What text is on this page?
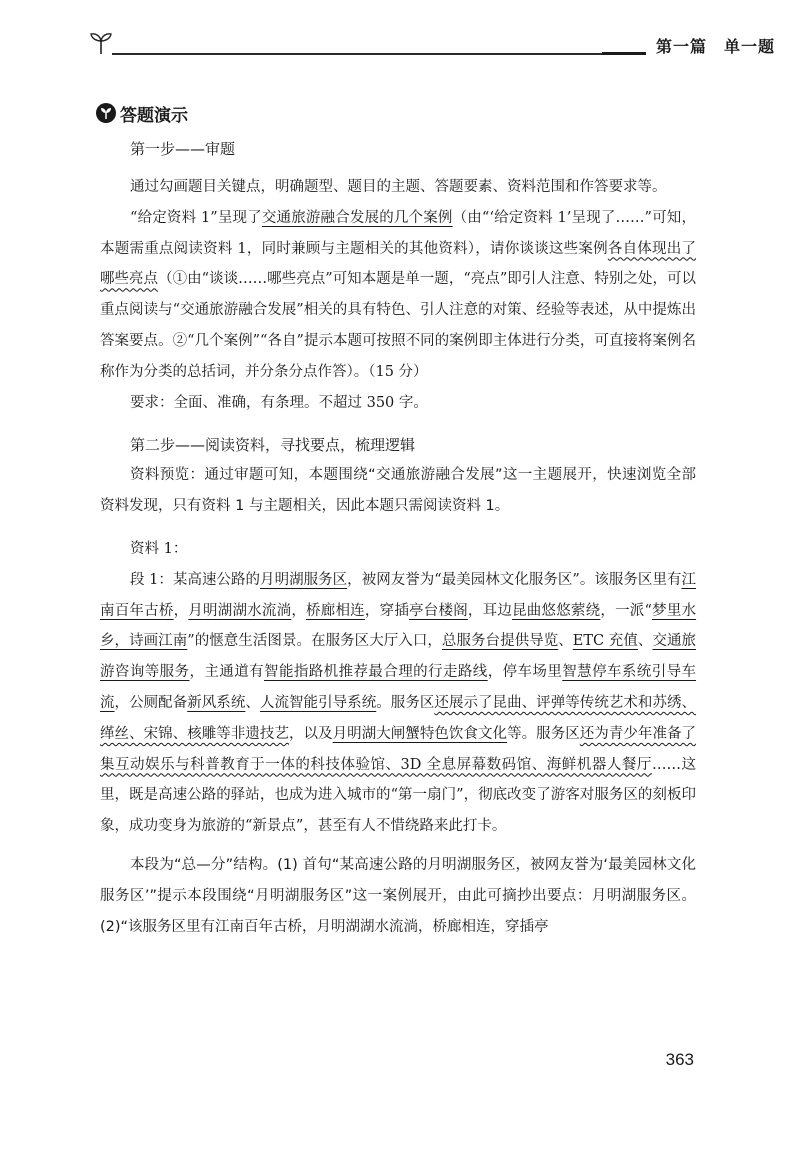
第一篇　单一题
答题演示

第一步——审题

通过勾画题目关键点，明确题型、题目的主题、答题要素、资料范围和作答要求等。

“给定资料 1”呈现了交通旅游融合发展的几个案例（由“‘给定资料 1’呈现了……”可知，本题需重点阅读资料 1，同时兼顾与主题相关的其他资料），请你谈谈这些案例各自体现出了哪些亮点（①由“谈谈……哪些亮点”可知本题是单一题，“亮点”即引人注意、特别之处，可以重点阅读与“交通旅游融合发展”相关的具有特色、引人注意的对策、经验等表述，从中提炼出答案要点。②“几个案例”“各自”提示本题可按照不同的案例即主体进行分类，可直接将案例名称作为分类的总括词，并分条分点作答）。（15 分）

要求：全面、准确，有条理。不超过 350 字。

第二步——阅读资料，寻找要点，梳理逻辑

资料预览：通过审题可知，本题围绕“交通旅游融合发展”这一主题展开，快速浏览全部资料发现，只有资料 1 与主题相关，因此本题只需阅读资料 1。

资料 1：

段 1：某高速公路的月明湖服务区，被网友誉为“最美园林文化服务区”。该服务区里有江南百年古桥，月明湖湖水流淌，桥廊相连，穿插亭台楼阁，耳边昆曲悠悠萦绕，一派“梦里水乡，诗画江南”的惬意生活图景。在服务区大厅入口，总服务台提供导览、ETC 充值、交通旅游咨询等服务，主通道有智能指路机推荐最合理的行走路线，停车场里智慧停车系统引导车流，公厕配备新风系统、人流智能引导系统。服务区还展示了昆曲、评弹等传统艺术和苏绣、缂丝、宋锦、核雕等非遗技艺，以及月明湖大闸蟹特色饮食文化等。服务区还为青少年准备了集互动娱乐与科普教育于一体的科技体验馆、3D 全息屏幕数码馆、海鲜机器人餐厅……这里，既是高速公路的驿站，也成为进入城市的“第一扇门”，彻底改变了游客对服务区的刻板印象，成功变身为旅游的“新景点”，甚至有人不惜绕路来此打卡。

本段为“总—分”结构。(1) 首句“某高速公路的月明湖服务区，被网友誉为‘最美园林文化服务区’”提示本段围绕“月明湖服务区”这一案例展开，由此可摘抄出要点：月明湖服务区。(2)“该服务区里有江南百年古桥，月明湖湖水流淌，桥廊相连，穿插亭

363
